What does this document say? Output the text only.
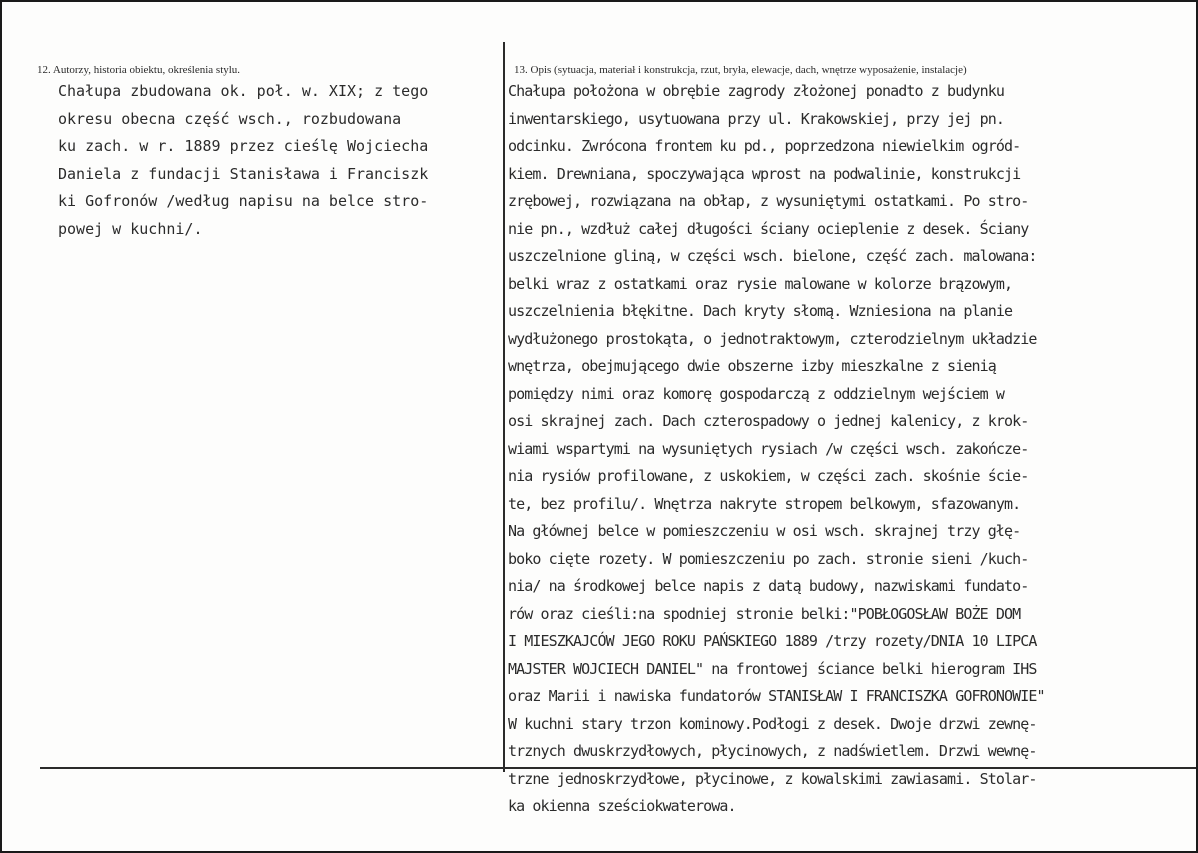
12. Autorzy, historia obiektu, określenia stylu.
Chałupa zbudowana ok. poł. w. XIX; z tego
okresu obecna część wsch., rozbudowana
ku zach. w r. 1889 przez cieślę Wojciecha
Daniela z fundacji Stanisława i Franciszk
ki Gofronów /według napisu na belce stro-
powej w kuchni/.
13. Opis (sytuacja, materiał i konstrukcja, rzut, bryła, elewacje, dach, wnętrze wyposażenie, instalacje)
Chałupa położona w obrębie zagrody złożonej ponadto z budynku
inwentarskiego, usytuowana przy ul. Krakowskiej, przy jej pn.
odcinku. Zwrócona frontem ku pd., poprzedzona niewielkim ogród-
kiem. Drewniana, spoczywająca wprost na podwalinie, konstrukcji
zrębowej, rozwiązana na obłap, z wysuniętymi ostatkami. Po stro-
nie pn., wzdłuż całej długości ściany ocieplenie z desek. Ściany
uszczelnione gliną, w części wsch. bielone, część zach. malowana:
belki wraz z ostatkami oraz rysie malowane w kolorze brązowym,
uszczelnienia błękitne. Dach kryty słomą. Wzniesiona na planie
wydłużonego prostokąta, o jednotraktowym, czterodzielnym układzie
wnętrza, obejmującego dwie obszerne izby mieszkalne z sienią
pomiędzy nimi oraz komorę gospodarczą z oddzielnym wejściem w
osi skrajnej zach. Dach czterospadowy o jednej kalenicy, z krok-
wiami wspartymi na wysuniętych rysiach /w części wsch. zakończe-
nia rysiów profilowane, z uskokiem, w części zach. skośnie ście-
te, bez profilu/. Wnętrza nakryte stropem belkowym, sfazowanym.
Na głównej belce w pomieszczeniu w osi wsch. skrajnej trzy głę-
boko cięte rozety. W pomieszczeniu po zach. stronie sieni /kuch-
nia/ na środkowej belce napis z datą budowy, nazwiskami fundato-
rów oraz cieśli:na spodniej stronie belki:"POBŁOGOSŁAW BOŻE DOM
I MIESZKAJCÓW JEGO ROKU PAŃSKIEGO 1889 /trzy rozety/DNIA 10 LIPCA
MAJSTER WOJCIECH DANIEL" na frontowej ściance belki hierogram IHS
oraz Marii i nawiska fundatorów STANISŁAW I FRANCISZKA GOFRONOWIE"
W kuchni stary trzon kominowy.Podłogi z desek. Dwoje drzwi zewnę-
trznych dwuskrzydłowych, płycinowych, z nadświetlem. Drzwi wewnę-
trzne jednoskrzydłowe, płycinowe, z kowalskimi zawiasami. Stolar-
ka okienna sześciokwaterowa.
